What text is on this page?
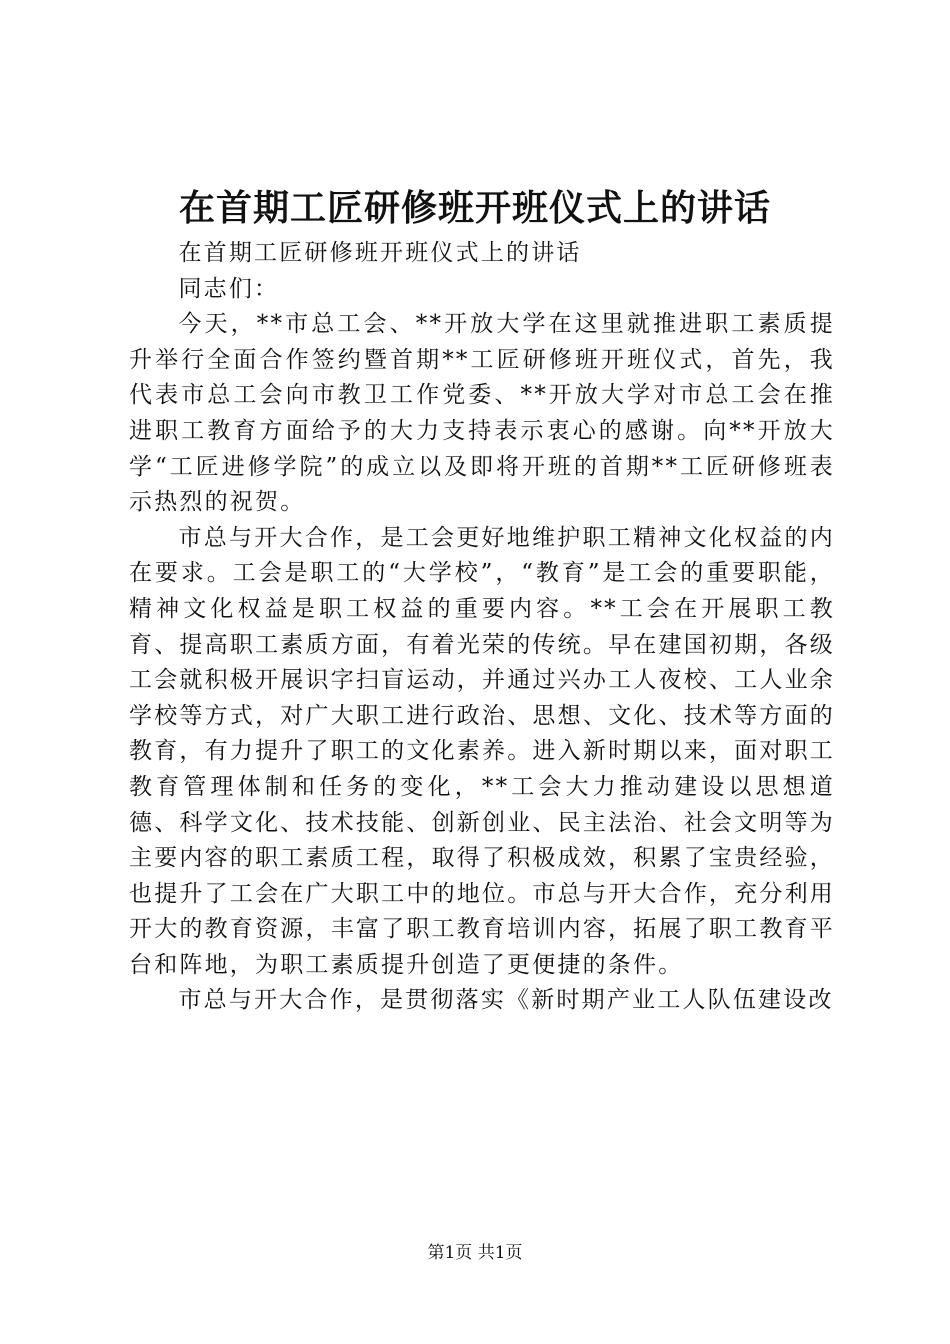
在首期工匠研修班开班仪式上的讲话

在首期工匠研修班开班仪式上的讲话

同志们：

今天，**市总工会、**开放大学在这里就推进职工素质提升举行全面合作签约暨首期**工匠研修班开班仪式，首先，我代表市总工会向市教卫工作党委、**开放大学对市总工会在推进职工教育方面给予的大力支持表示衷心的感谢。向**开放大学“工匠进修学院”的成立以及即将开班的首期**工匠研修班表示热烈的祝贺。

市总与开大合作，是工会更好地维护职工精神文化权益的内在要求。工会是职工的“大学校”，“教育”是工会的重要职能，精神文化权益是职工权益的重要内容。**工会在开展职工教育、提高职工素质方面，有着光荣的传统。早在建国初期，各级工会就积极开展识字扫盲运动，并通过兴办工人夜校、工人业余学校等方式，对广大职工进行政治、思想、文化、技术等方面的教育，有力提升了职工的文化素养。进入新时期以来，面对职工教育管理体制和任务的变化，**工会大力推动建设以思想道德、科学文化、技术技能、创新创业、民主法治、社会文明等为主要内容的职工素质工程，取得了积极成效，积累了宝贵经验，也提升了工会在广大职工中的地位。市总与开大合作，充分利用开大的教育资源，丰富了职工教育培训内容，拓展了职工教育平台和阵地，为职工素质提升创造了更便捷的条件。

市总与开大合作，是贯彻落实《新时期产业工人队伍建设改

第1页 共1页
